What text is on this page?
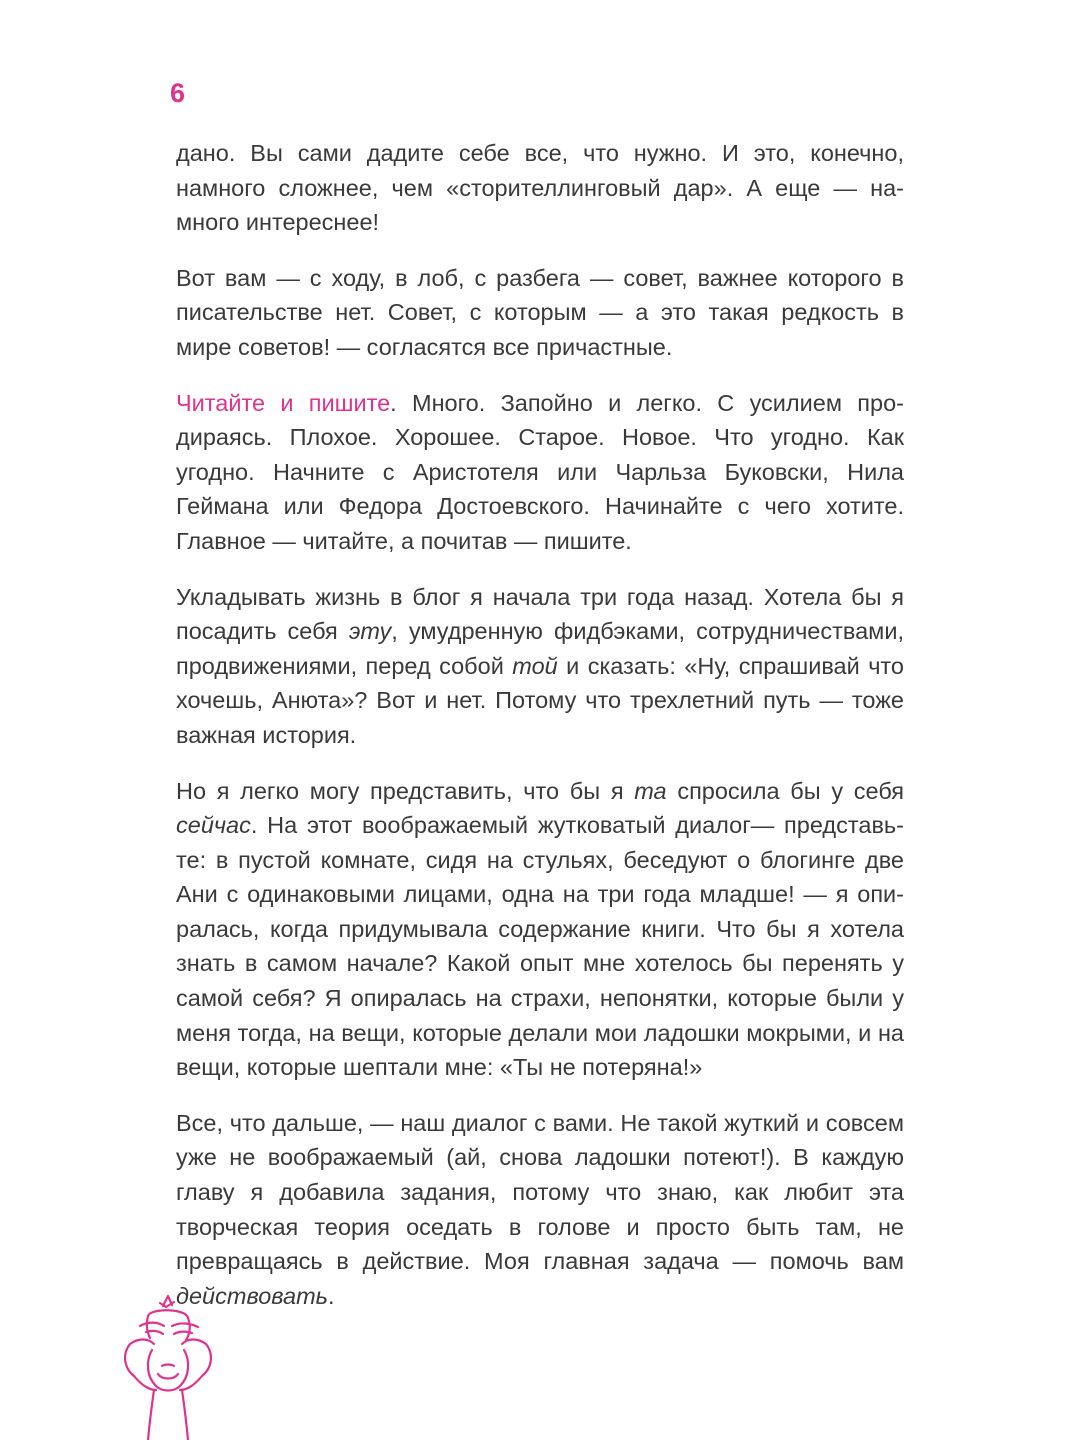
6

дано. Вы сами дадите себе все, что нужно. И это, конечно, намного сложнее, чем «сторителлинговый дар». А еще — намного интереснее!

Вот вам — с ходу, в лоб, с разбега — совет, важнее которого в писательстве нет. Совет, с которым — а это такая редкость в мире советов! — согласятся все причастные.

Читайте и пишите. Много. Запойно и легко. С усилием продираясь. Плохое. Хорошее. Старое. Новое. Что угодно. Как угодно. Начните с Аристотеля или Чарльза Буковски, Нила Геймана или Федора Достоевского. Начинайте с чего хотите. Главное — читайте, а почитав — пишите.

Укладывать жизнь в блог я начала три года назад. Хотела бы я посадить себя эту, умудренную фидбэками, сотрудничествами, продвижениями, перед собой той и сказать: «Ну, спрашивай что хочешь, Анюта»? Вот и нет. Потому что трехлетний путь — тоже важная история.

Но я легко могу представить, что бы я та спросила бы у себя сейчас. На этот воображаемый жутковатый диалог— представьте: в пустой комнате, сидя на стульях, беседуют о блогинге две Ани с одинаковыми лицами, одна на три года младше! — я опиралась, когда придумывала содержание книги. Что бы я хотела знать в самом начале? Какой опыт мне хотелось бы перенять у самой себя? Я опиралась на страхи, непонятки, которые были у меня тогда, на вещи, которые делали мои ладошки мокрыми, и на вещи, которые шептали мне: «Ты не потеряна!»

Все, что дальше, — наш диалог с вами. Не такой жуткий и совсем уже не воображаемый (ай, снова ладошки потеют!). В каждую главу я добавила задания, потому что знаю, как любит эта творческая теория оседать в голове и просто быть там, не превращаясь в действие. Моя главная задача — помочь вам действовать.
